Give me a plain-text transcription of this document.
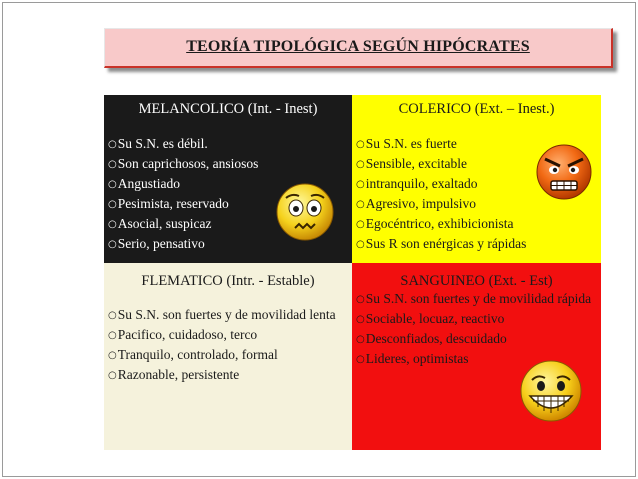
TEORÍA TIPOLÓGICA SEGÚN HIPÓCRATES
MELANCOLICO (Int. - Inest)
○ Su S.N. es débil.
○ Son caprichosos, ansiosos
○ Angustiado
○ Pesimista, reservado
○ Asocial, suspicaz
○ Serio, pensativo
COLERICO (Ext. – Inest.)
○ Su S.N. es fuerte
○ Sensible, excitable
○ intranquilo, exaltado
○ Agresivo, impulsivo
○ Egocéntrico, exhibicionista
○ Sus R son enérgicas y rápidas
FLEMATICO (Intr. - Estable)
○ Su S.N. son fuertes y de movilidad lenta
○ Pacifico, cuidadoso, terco
○ Tranquilo, controlado, formal
○ Razonable, persistente
SANGUINEO (Ext. - Est)
○ Su S.N. son fuertes y de movilidad rápida
○ Sociable, locuaz, reactivo
○ Desconfiados, descuidado
○ Lideres, optimistas
